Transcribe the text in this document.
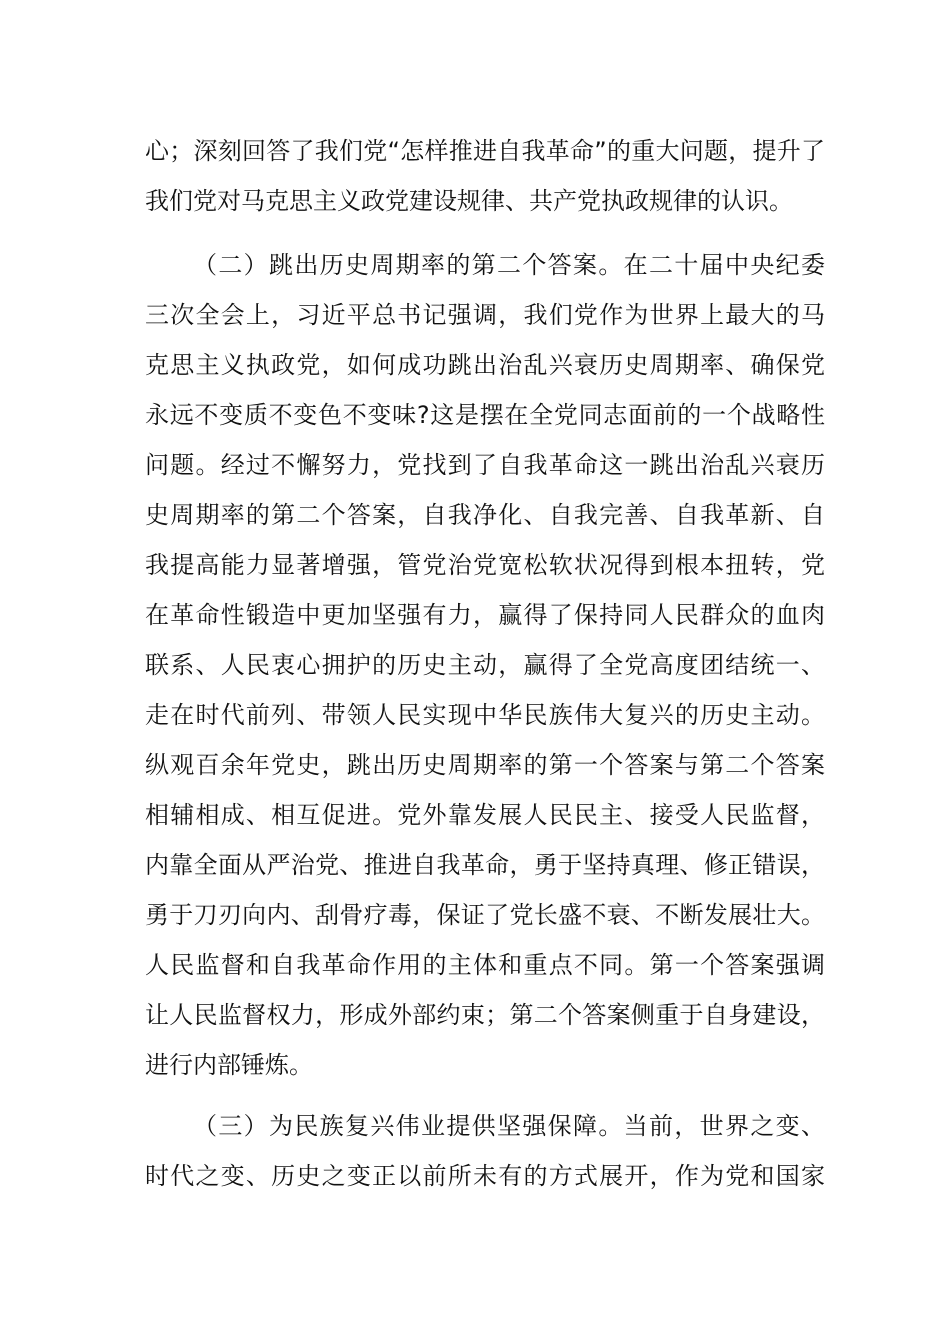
心；深刻回答了我们党“怎样推进自我革命”的重大问题，提升了
我们党对马克思主义政党建设规律、共产党执政规律的认识。
（二）跳出历史周期率的第二个答案。在二十届中央纪委
三次全会上，习近平总书记强调，我们党作为世界上最大的马
克思主义执政党，如何成功跳出治乱兴衰历史周期率、确保党
永远不变质不变色不变味?这是摆在全党同志面前的一个战略性
问题。经过不懈努力，党找到了自我革命这一跳出治乱兴衰历
史周期率的第二个答案，自我净化、自我完善、自我革新、自
我提高能力显著增强，管党治党宽松软状况得到根本扭转，党
在革命性锻造中更加坚强有力，赢得了保持同人民群众的血肉
联系、人民衷心拥护的历史主动，赢得了全党高度团结统一、
走在时代前列、带领人民实现中华民族伟大复兴的历史主动。
纵观百余年党史，跳出历史周期率的第一个答案与第二个答案
相辅相成、相互促进。党外靠发展人民民主、接受人民监督，
内靠全面从严治党、推进自我革命，勇于坚持真理、修正错误，
勇于刀刃向内、刮骨疗毒，保证了党长盛不衰、不断发展壮大。
人民监督和自我革命作用的主体和重点不同。第一个答案强调
让人民监督权力，形成外部约束；第二个答案侧重于自身建设，
进行内部锤炼。
（三）为民族复兴伟业提供坚强保障。当前，世界之变、
时代之变、历史之变正以前所未有的方式展开，作为党和国家
